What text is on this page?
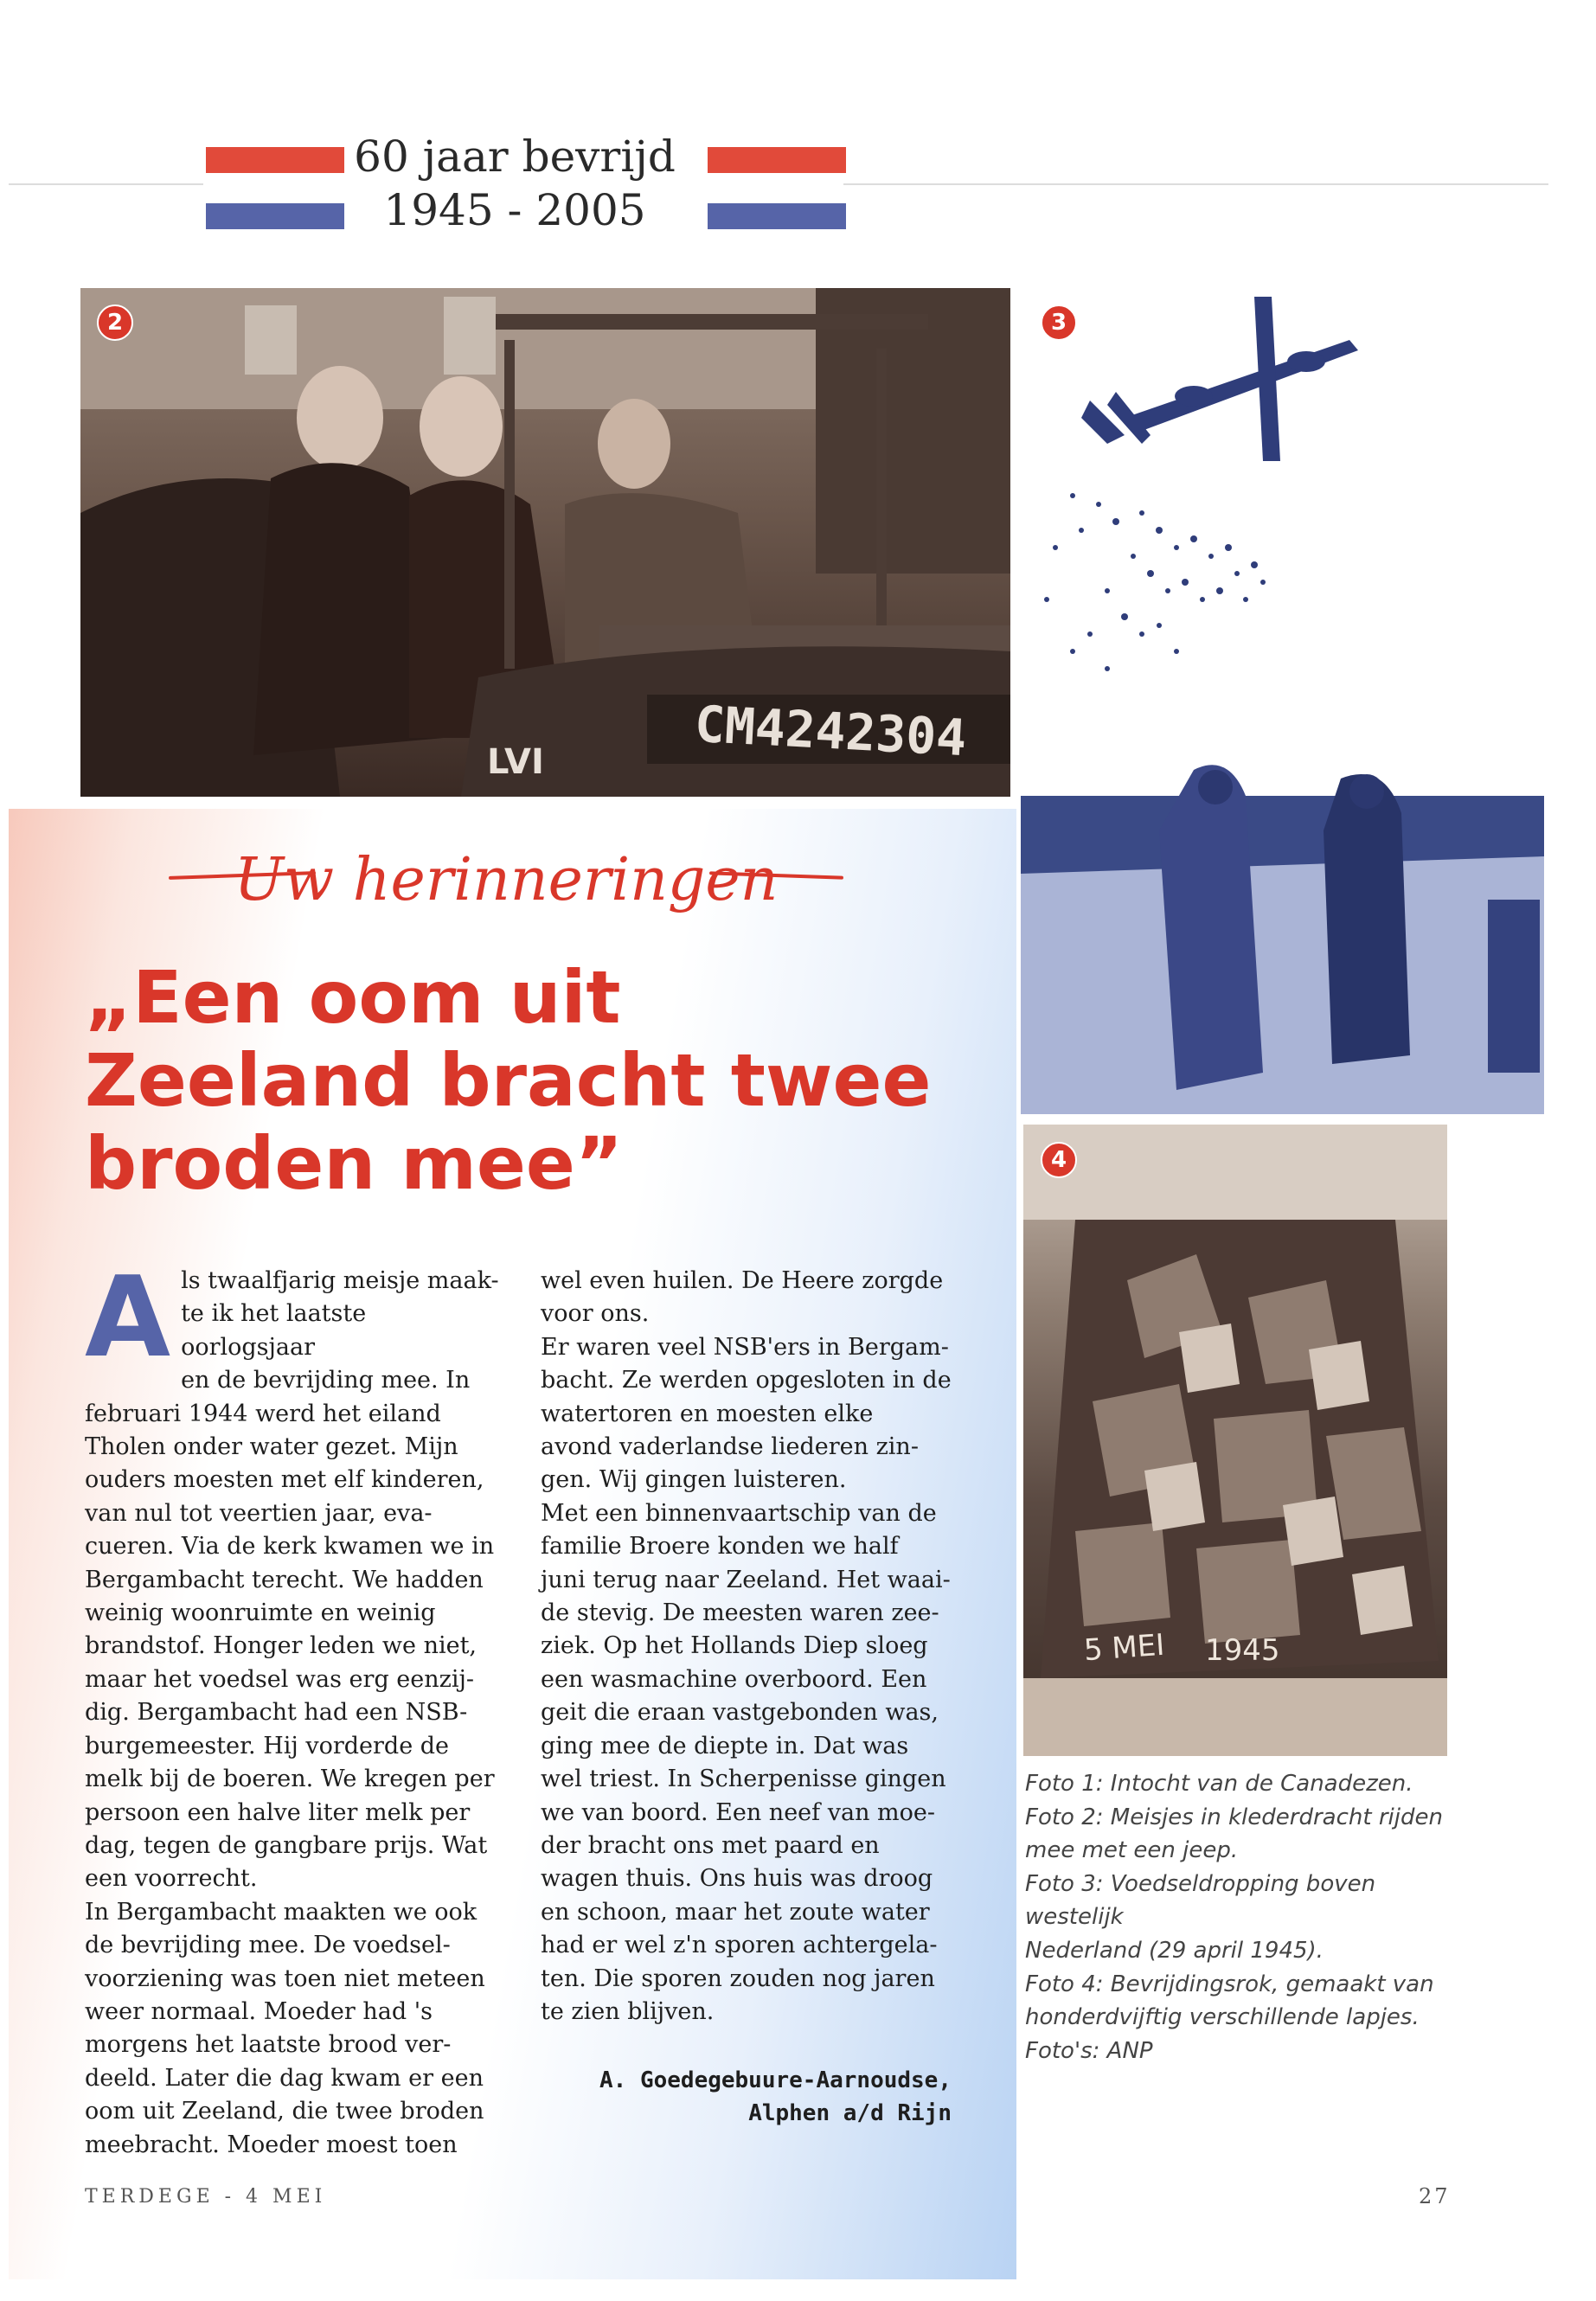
60 jaar bevrijd
1945 - 2005
CM4242304
LVI
2	3
5 MEI 1945
4
Uw herinneringen
„Een oom uit
Zeeland bracht twee
broden mee”
A ls twaalfjarig meisje maak-
te ik het laatste oorlogsjaar
en de bevrijding mee. In
februari 1944 werd het eiland
Tholen onder water gezet. Mijn
ouders moesten met elf kinderen,
van nul tot veertien jaar, eva-
cueren. Via de kerk kwamen we in
Bergambacht terecht. We hadden
weinig woonruimte en weinig
brandstof. Honger leden we niet,
maar het voedsel was erg eenzij-
dig. Bergambacht had een NSB-
burgemeester. Hij vorderde de
melk bij de boeren. We kregen per
persoon een halve liter melk per
dag, tegen de gangbare prijs. Wat
een voorrecht.
In Bergambacht maakten we ook
de bevrijding mee. De voedsel-
voorziening was toen niet meteen
weer normaal. Moeder had 's
morgens het laatste brood ver-
deeld. Later die dag kwam er een
oom uit Zeeland, die twee broden
meebracht. Moeder moest toen
wel even huilen. De Heere zorgde
voor ons.
Er waren veel NSB'ers in Bergam-
bacht. Ze werden opgesloten in de
watertoren en moesten elke
avond vaderlandse liederen zin-
gen. Wij gingen luisteren.
Met een binnenvaartschip van de
familie Broere konden we half
juni terug naar Zeeland. Het waai-
de stevig. De meesten waren zee-
ziek. Op het Hollands Diep sloeg
een wasmachine overboord. Een
geit die eraan vastgebonden was,
ging mee de diepte in. Dat was
wel triest. In Scherpenisse gingen
we van boord. Een neef van moe-
der bracht ons met paard en
wagen thuis. Ons huis was droog
en schoon, maar het zoute water
had er wel z'n sporen achtergela-
ten. Die sporen zouden nog jaren
te zien blijven.
A. Goedegebuure-Aarnoudse,
Alphen a/d Rijn

Foto 1: Intocht van de Canadezen.

Foto 2: Meisjes in klederdracht rijden

mee met een jeep.

Foto 3: Voedseldropping boven westelijk

Nederland (29 april 1945).

Foto 4: Bevrijdingsrok, gemaakt van

honderdvijftig verschillende lapjes.

Foto's: ANP

TERDEGE - 4 MEI	27
